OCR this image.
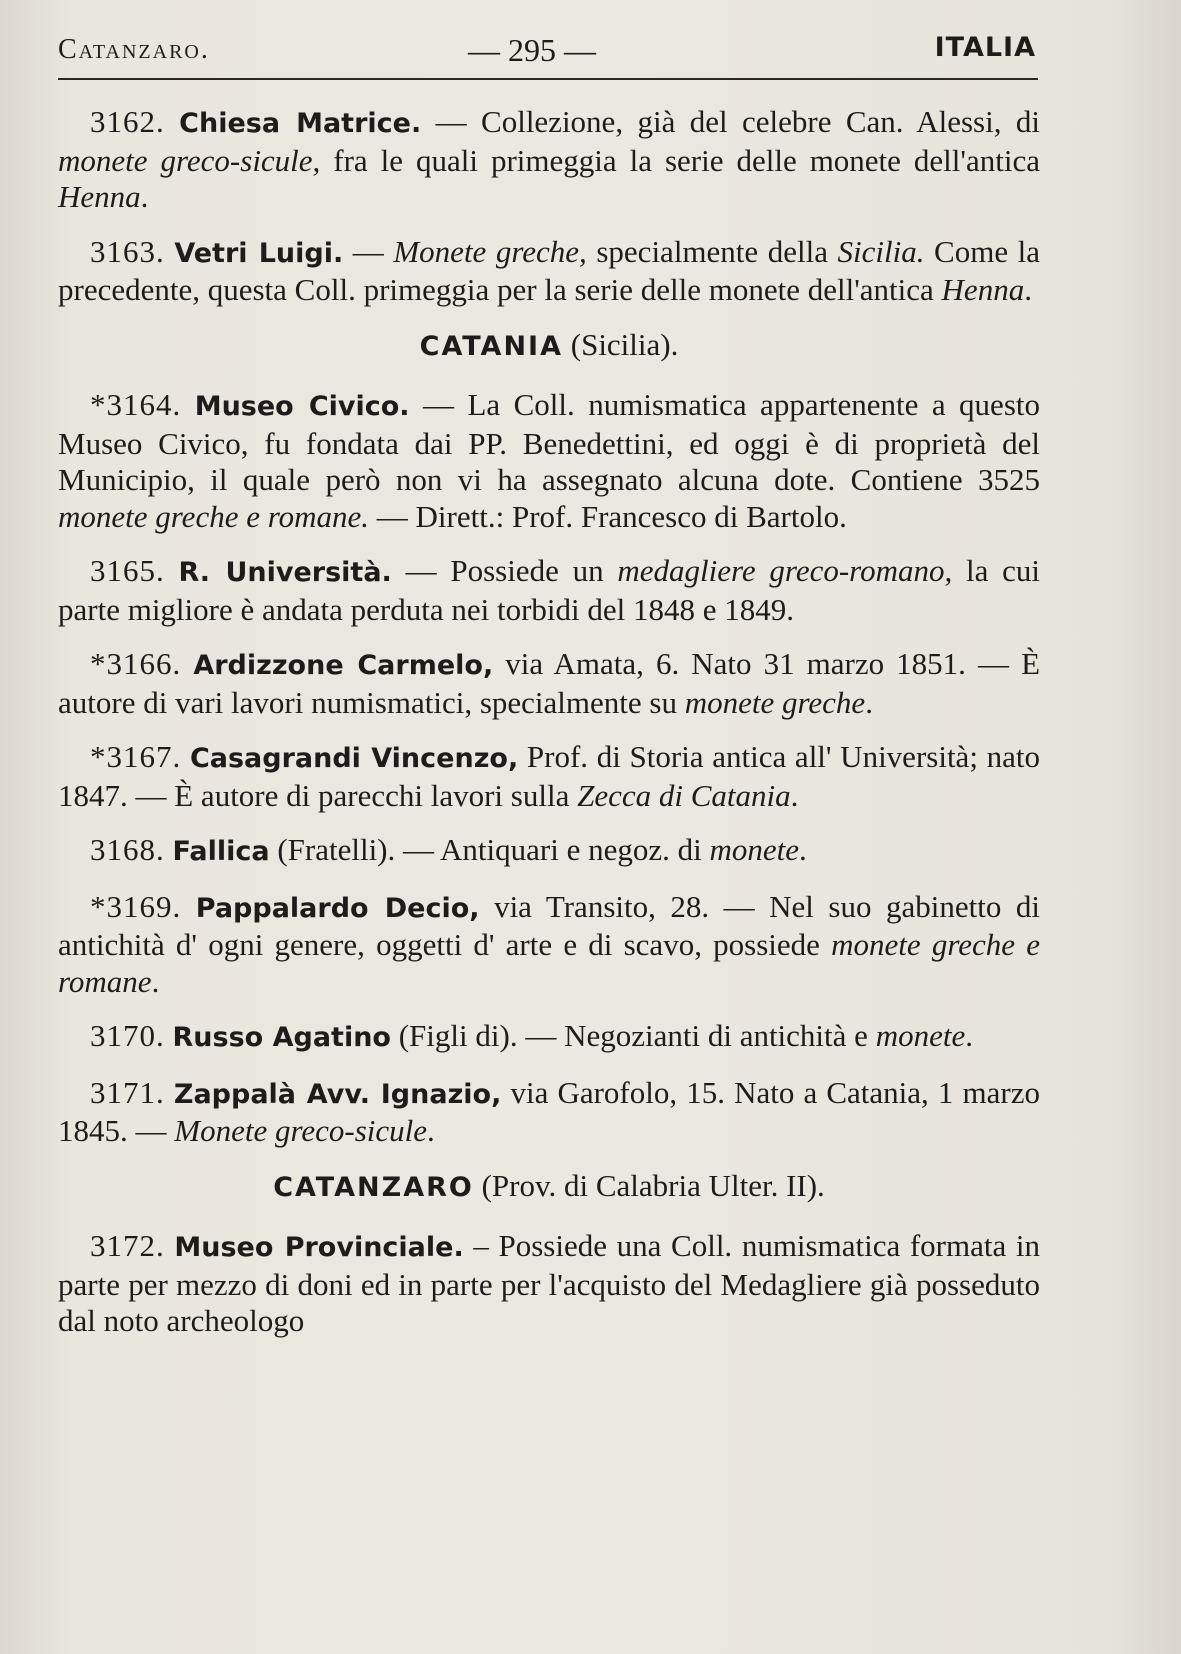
Catanzaro.	— 295 —	ITALIA

3162. Chiesa Matrice. — Collezione, già del celebre Can. Alessi, di monete greco-sicule, fra le quali primeggia la serie delle monete dell'antica Henna.

3163. Vetri Luigi. — Monete greche, specialmente della Sicilia. Come la precedente, questa Coll. primeggia per la serie delle monete dell'antica Henna.

CATANIA (Sicilia).

*3164. Museo Civico. — La Coll. numismatica appartenente a questo Museo Civico, fu fondata dai PP. Benedettini, ed oggi è di proprietà del Municipio, il quale però non vi ha assegnato alcuna dote. Contiene 3525 monete greche e romane. — Dirett.: Prof. Francesco di Bartolo.

3165. R. Università. — Possiede un medagliere greco-romano, la cui parte migliore è andata perduta nei torbidi del 1848 e 1849.

*3166. Ardizzone Carmelo, via Amata, 6. Nato 31 marzo 1851. — È autore di vari lavori numismatici, specialmente su monete greche.

*3167. Casagrandi Vincenzo, Prof. di Storia antica all' Università; nato 1847. — È autore di parecchi lavori sulla Zecca di Catania.

3168. Fallica (Fratelli). — Antiquari e negoz. di monete.

*3169. Pappalardo Decio, via Transito, 28. — Nel suo gabinetto di antichità d' ogni genere, oggetti d' arte e di scavo, possiede monete greche e romane.

3170. Russo Agatino (Figli di). — Negozianti di antichità e monete.

3171. Zappalà Avv. Ignazio, via Garofolo, 15. Nato a Catania, 1 marzo 1845. — Monete greco-sicule.

CATANZARO (Prov. di Calabria Ulter. II).

3172. Museo Provinciale. – Possiede una Coll. numismatica formata in parte per mezzo di doni ed in parte per l'acquisto del Medagliere già posseduto dal noto archeologo
